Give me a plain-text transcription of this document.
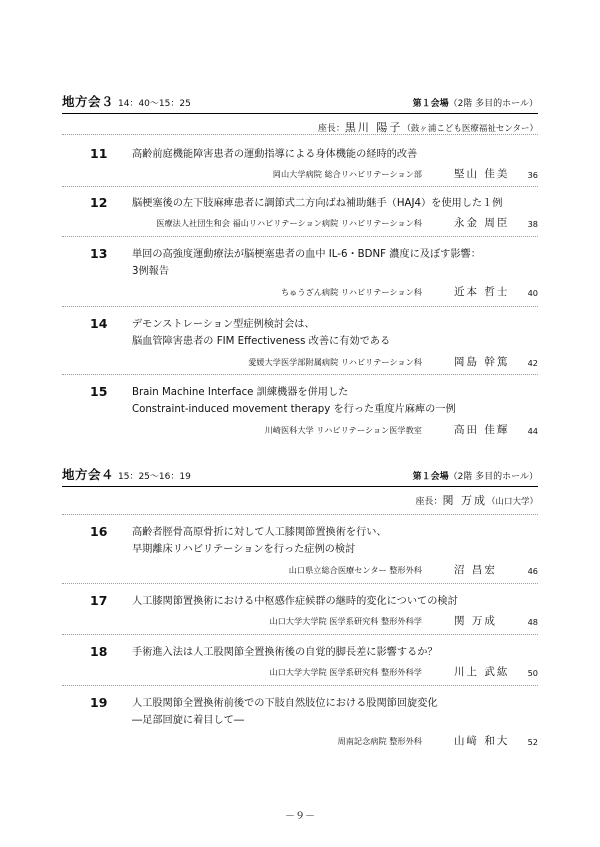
地方会３ 14：40～15：25	第１会場（2階 多目的ホール）
座長：黒川 陽子（鼓ヶ浦こども医療福祉センター）
11 高齢前庭機能障害患者の運動指導による身体機能の経時的改善
岡山大学病院 総合リハビリテーション部	堅山 佳美 36
12 脳梗塞後の左下肢麻痺患者に調節式二方向ばね補助継手（HAJ4）を使用した１例
医療法人社団生和会 福山リハビリテーション病院 リハビリテーション科	永金 周臣 38
13 単回の高強度運動療法が脳梗塞患者の血中 IL-6・BDNF 濃度に及ぼす影響：
3例報告
ちゅうざん病院 リハビリテーション科	近本 哲士 40
14 デモンストレーション型症例検討会は、
脳血管障害患者の FIM Effectiveness 改善に有効である
愛媛大学医学部附属病院 リハビリテーション科	岡島 幹篤 42
15 Brain Machine Interface 訓練機器を併用した
Constraint-induced movement therapy を行った重度片麻痺の一例
川崎医科大学 リハビリテーション医学教室	高田 佳輝 44
地方会４ 15：25～16：19	第１会場（2階 多目的ホール）
座長：関 万成（山口大学）
16 高齢者脛骨高原骨折に対して人工膝関節置換術を行い、
早期離床リハビリテーションを行った症例の検討
山口県立総合医療センター 整形外科	沼 昌宏	46
17 人工膝関節置換術における中枢感作症候群の継時的変化についての検討
山口大学大学院 医学系研究科 整形外科学	関 万成	48
18 手術進入法は人工股関節全置換術後の自覚的脚長差に影響するか？
山口大学大学院 医学系研究科 整形外科学	川上 武紘 50
19 人工股関節全置換術前後での下肢自然肢位における股関節回旋変化
―足部回旋に着目して―
周南記念病院 整形外科	山﨑 和大 52
－９－
